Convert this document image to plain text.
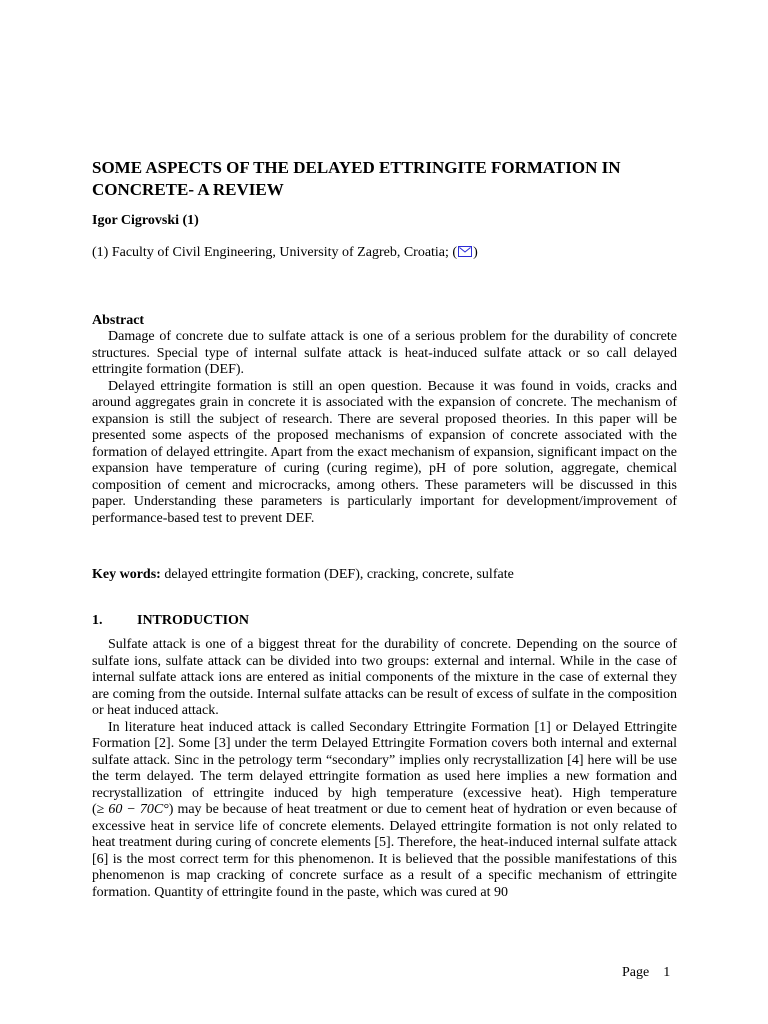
SOME ASPECTS OF THE DELAYED ETTRINGITE FORMATION IN CONCRETE- A REVIEW

Igor Cigrovski (1)

(1) Faculty of Civil Engineering, University of Zagreb, Croatia; ( )

Abstract

Damage of concrete due to sulfate attack is one of a serious problem for the durability of concrete structures. Special type of internal sulfate attack is heat-induced sulfate attack or so call delayed ettringite formation (DEF).

Delayed ettringite formation is still an open question. Because it was found in voids, cracks and around aggregates grain in concrete it is associated with the expansion of concrete. The mechanism of expansion is still the subject of research. There are several proposed theories. In this paper will be presented some aspects of the proposed mechanisms of expansion of concrete associated with the formation of delayed ettringite. Apart from the exact mechanism of expansion, significant impact on the expansion have temperature of curing (curing regime), pH of pore solution, aggregate, chemical composition of cement and microcracks, among others. These parameters will be discussed in this paper. Understanding these parameters is particularly important for development/improvement of performance-based test to prevent DEF.

Key words: delayed ettringite formation (DEF), cracking, concrete, sulfate

1. INTRODUCTION

Sulfate attack is one of a biggest threat for the durability of concrete. Depending on the source of sulfate ions, sulfate attack can be divided into two groups: external and internal. While in the case of internal sulfate attack ions are entered as initial components of the mixture in the case of external they are coming from the outside. Internal sulfate attacks can be result of excess of sulfate in the composition or heat induced attack.

In literature heat induced attack is called Secondary Ettringite Formation [1] or Delayed Ettringite Formation [2]. Some [3] under the term Delayed Ettringite Formation covers both internal and external sulfate attack. Sinc in the petrology term “secondary” implies only recrystallization [4] here will be use the term delayed. The term delayed ettringite formation as used here implies a new formation and recrystallization of ettringite induced by high temperature (excessive heat). High temperature (≥ 60 − 70C°) may be because of heat treatment or due to cement heat of hydration or even because of excessive heat in service life of concrete elements. Delayed ettringite formation is not only related to heat treatment during curing of concrete elements [5]. Therefore, the heat-induced internal sulfate attack [6] is the most correct term for this phenomenon. It is believed that the possible manifestations of this phenomenon is map cracking of concrete surface as a result of a specific mechanism of ettringite formation. Quantity of ettringite found in the paste, which was cured at 90

Page 1
